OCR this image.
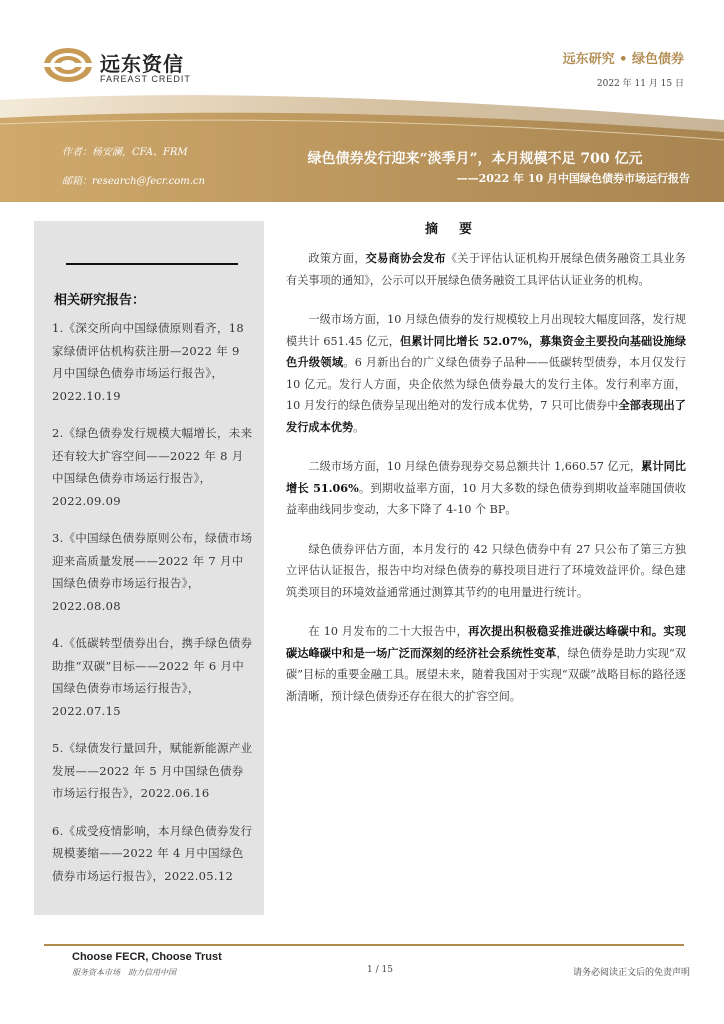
远东资信
FAREAST CREDIT
远东研究 • 绿色债券
2022 年 11 月 15 日
作者：杨安澜，CFA、FRM
邮箱：research@fecr.com.cn
绿色债券发行迎来“淡季月”，本月规模不足 700 亿元
——2022 年 10 月中国绿色债券市场运行报告
相关研究报告：
1.《深交所向中国绿债原则看齐，18 家绿债评估机构获注册—2022 年 9 月中国绿色债券市场运行报告》，
2022.10.19
2.《绿色债券发行规模大幅增长，未来还有较大扩容空间——2022 年 8 月中国绿色债券市场运行报告》，
2022.09.09
3.《中国绿色债券原则公布，绿债市场迎来高质量发展——2022 年 7 月中国绿色债券市场运行报告》，
2022.08.08
4.《低碳转型债券出台，携手绿色债券助推“双碳”目标——2022 年 6 月中国绿色债券市场运行报告》，
2022.07.15
5.《绿债发行量回升，赋能新能源产业发展——2022 年 5 月中国绿色债券市场运行报告》，2022.06.16
6.《成受疫情影响，本月绿色债券发行规模萎缩——2022 年 4 月中国绿色债券市场运行报告》，2022.05.12
摘　要

政策方面，交易商协会发布《关于评估认证机构开展绿色债务融资工具业务有关事项的通知》，公示可以开展绿色债务融资工具评估认证业务的机构。

一级市场方面，10 月绿色债券的发行规模较上月出现较大幅度回落，发行规模共计 651.45 亿元，但累计同比增长 52.07%，募集资金主要投向基础设施绿色升级领域。6 月新出台的广义绿色债券子品种——低碳转型债券，本月仅发行 10 亿元。发行人方面，央企依然为绿色债券最大的发行主体。发行利率方面，10 月发行的绿色债券呈现出绝对的发行成本优势，7 只可比债券中全部表现出了发行成本优势。

二级市场方面，10 月绿色债券现券交易总额共计 1,660.57 亿元，累计同比增长 51.06%。到期收益率方面，10 月大多数的绿色债券到期收益率随国债收益率曲线同步变动，大多下降了 4-10 个 BP。

绿色债券评估方面，本月发行的 42 只绿色债券中有 27 只公布了第三方独立评估认证报告，报告中均对绿色债券的募投项目进行了环境效益评价。绿色建筑类项目的环境效益通常通过测算其节约的电用量进行统计。

在 10 月发布的二十大报告中，再次提出积极稳妥推进碳达峰碳中和。实现碳达峰碳中和是一场广泛而深刻的经济社会系统性变革，绿色债券是助力实现“双碳”目标的重要金融工具。展望未来，随着我国对于实现“双碳”战略目标的路径逐渐清晰，预计绿色债券还存在很大的扩容空间。

Choose FECR, Choose Trust
服务资本市场　助力信用中国	1 / 15	请务必阅读正文后的免责声明
